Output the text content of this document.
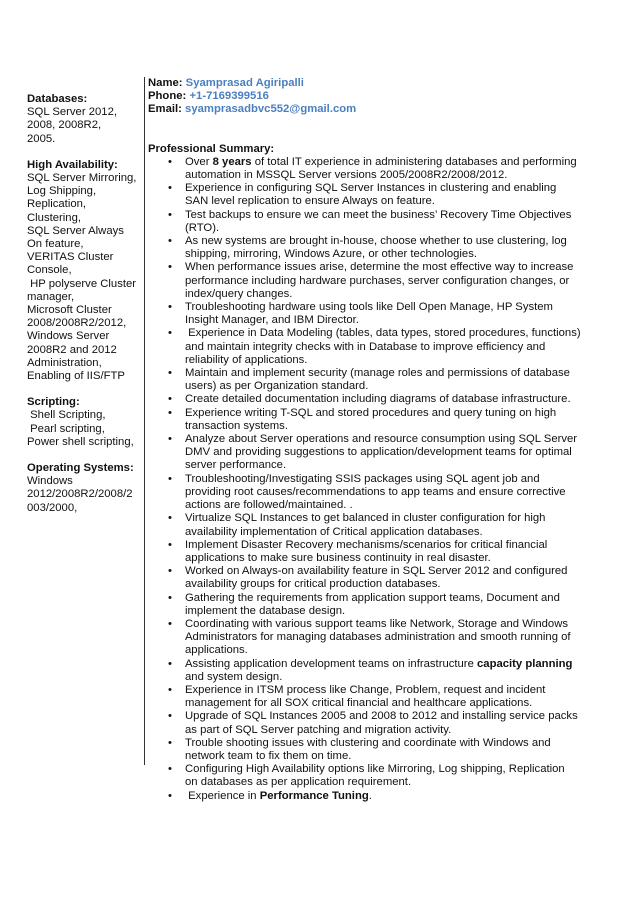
Databases:
SQL Server 2012,
2008, 2008R2,
2005.
High Availability:
SQL Server Mirroring,
Log Shipping,
Replication,
Clustering,
SQL Server Always
On feature,
VERITAS Cluster
Console,
HP polyserve Cluster
manager,
Microsoft Cluster
2008/2008R2/2012,
Windows Server
2008R2 and 2012
Administration,
Enabling of IIS/FTP
Scripting:
Shell Scripting,
Pearl scripting,
Power shell scripting,
Operating Systems:
Windows
2012/2008R2/2008/2
003/2000,
Name: Syamprasad Agiripalli
Phone: +1-7169399516
Email: syamprasadbvc552@gmail.com
Professional Summary:
• Over 8 years of total IT experience in administering databases and performing
automation in MSSQL Server versions 2005/2008R2/2008/2012.
• Experience in configuring SQL Server Instances in clustering and enabling
SAN level replication to ensure Always on feature.
• Test backups to ensure we can meet the business’ Recovery Time Objectives
(RTO).
• As new systems are brought in-house, choose whether to use clustering, log
shipping, mirroring, Windows Azure, or other technologies.
• When performance issues arise, determine the most effective way to increase
performance including hardware purchases, server configuration changes, or
index/query changes.
• Troubleshooting hardware using tools like Dell Open Manage, HP System
Insight Manager, and IBM Director.
• Experience in Data Modeling (tables, data types, stored procedures, functions)
and maintain integrity checks with in Database to improve efficiency and
reliability of applications.
• Maintain and implement security (manage roles and permissions of database
users) as per Organization standard.
• Create detailed documentation including diagrams of database infrastructure.
• Experience writing T-SQL and stored procedures and query tuning on high
transaction systems.
• Analyze about Server operations and resource consumption using SQL Server
DMV and providing suggestions to application/development teams for optimal
server performance.
• Troubleshooting/Investigating SSIS packages using SQL agent job and
providing root causes/recommendations to app teams and ensure corrective
actions are followed/maintained. .
• Virtualize SQL Instances to get balanced in cluster configuration for high
availability implementation of Critical application databases.
• Implement Disaster Recovery mechanisms/scenarios for critical financial
applications to make sure business continuity in real disaster.
• Worked on Always-on availability feature in SQL Server 2012 and configured
availability groups for critical production databases.
• Gathering the requirements from application support teams, Document and
implement the database design.
• Coordinating with various support teams like Network, Storage and Windows
Administrators for managing databases administration and smooth running of
applications.
• Assisting application development teams on infrastructure capacity planning
and system design.
• Experience in ITSM process like Change, Problem, request and incident
management for all SOX critical financial and healthcare applications.
• Upgrade of SQL Instances 2005 and 2008 to 2012 and installing service packs
as part of SQL Server patching and migration activity.
• Trouble shooting issues with clustering and coordinate with Windows and
network team to fix them on time.
• Configuring High Availability options like Mirroring, Log shipping, Replication
on databases as per application requirement.
• Experience in Performance Tuning.
